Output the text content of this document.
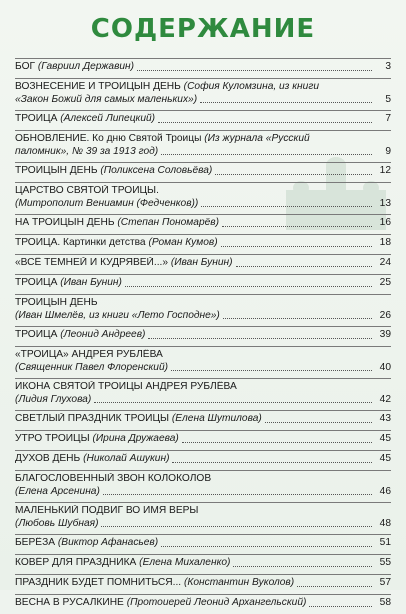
СОДЕРЖАНИЕ
БОГ (Гавриил Державин)	3
ВОЗНЕСЕНИЕ И ТРОИЦЫН ДЕНЬ (София Куломзина, из книги
«Закон Божий для самых маленьких»)	5
ТРОИЦА (Алексей Липецкий)	7
ОБНОВЛЕНИЕ. Ко дню Святой Троицы (Из журнала «Русский
паломник», № 39 за 1913 год)	9
ТРОИЦЫН ДЕНЬ (Поликсена Соловьёва)	12
ЦАРСТВО СВЯТОЙ ТРОИЦЫ.
(Митрополит Вениамин (Федченков))	13
НА ТРОИЦЫН ДЕНЬ (Степан Пономарёв)	16
ТРОИЦА. Картинки детства (Роман Кумов)	18
«ВСЁ ТЕМНЕЙ И КУДРЯВЕЙ...» (Иван Бунин)	24
ТРОИЦА (Иван Бунин)	25
ТРОИЦЫН ДЕНЬ
(Иван Шмелёв, из книги «Лето Господне»)	26
ТРОИЦА (Леонид Андреев)	39
«ТРОИЦА» АНДРЕЯ РУБЛЁВА
(Священник Павел Флоренский)	40
ИКОНА СВЯТОЙ ТРОИЦЫ АНДРЕЯ РУБЛЁВА
(Лидия Глухова)	42
СВЕТЛЫЙ ПРАЗДНИК ТРОИЦЫ (Елена Шутилова)	43
УТРО ТРОИЦЫ (Ирина Дружаева)	45
ДУХОВ ДЕНЬ (Николай Ашукин)	45
БЛАГОСЛОВЕННЫЙ ЗВОН КОЛОКОЛОВ
(Елена Арсенина)	46
МАЛЕНЬКИЙ ПОДВИГ ВО ИМЯ ВЕРЫ
(Любовь Шубная)	48
БЕРЁЗА (Виктор Афанасьев)	51
КОВЁР ДЛЯ ПРАЗДНИКА (Елена Михаленко)	55
ПРАЗДНИК БУДЕТ ПОМНИТЬСЯ... (Константин Вуколов)	57
ВЕСНА В РУСАЛКИНЕ (Протоиерей Леонид Архангельский)	58
